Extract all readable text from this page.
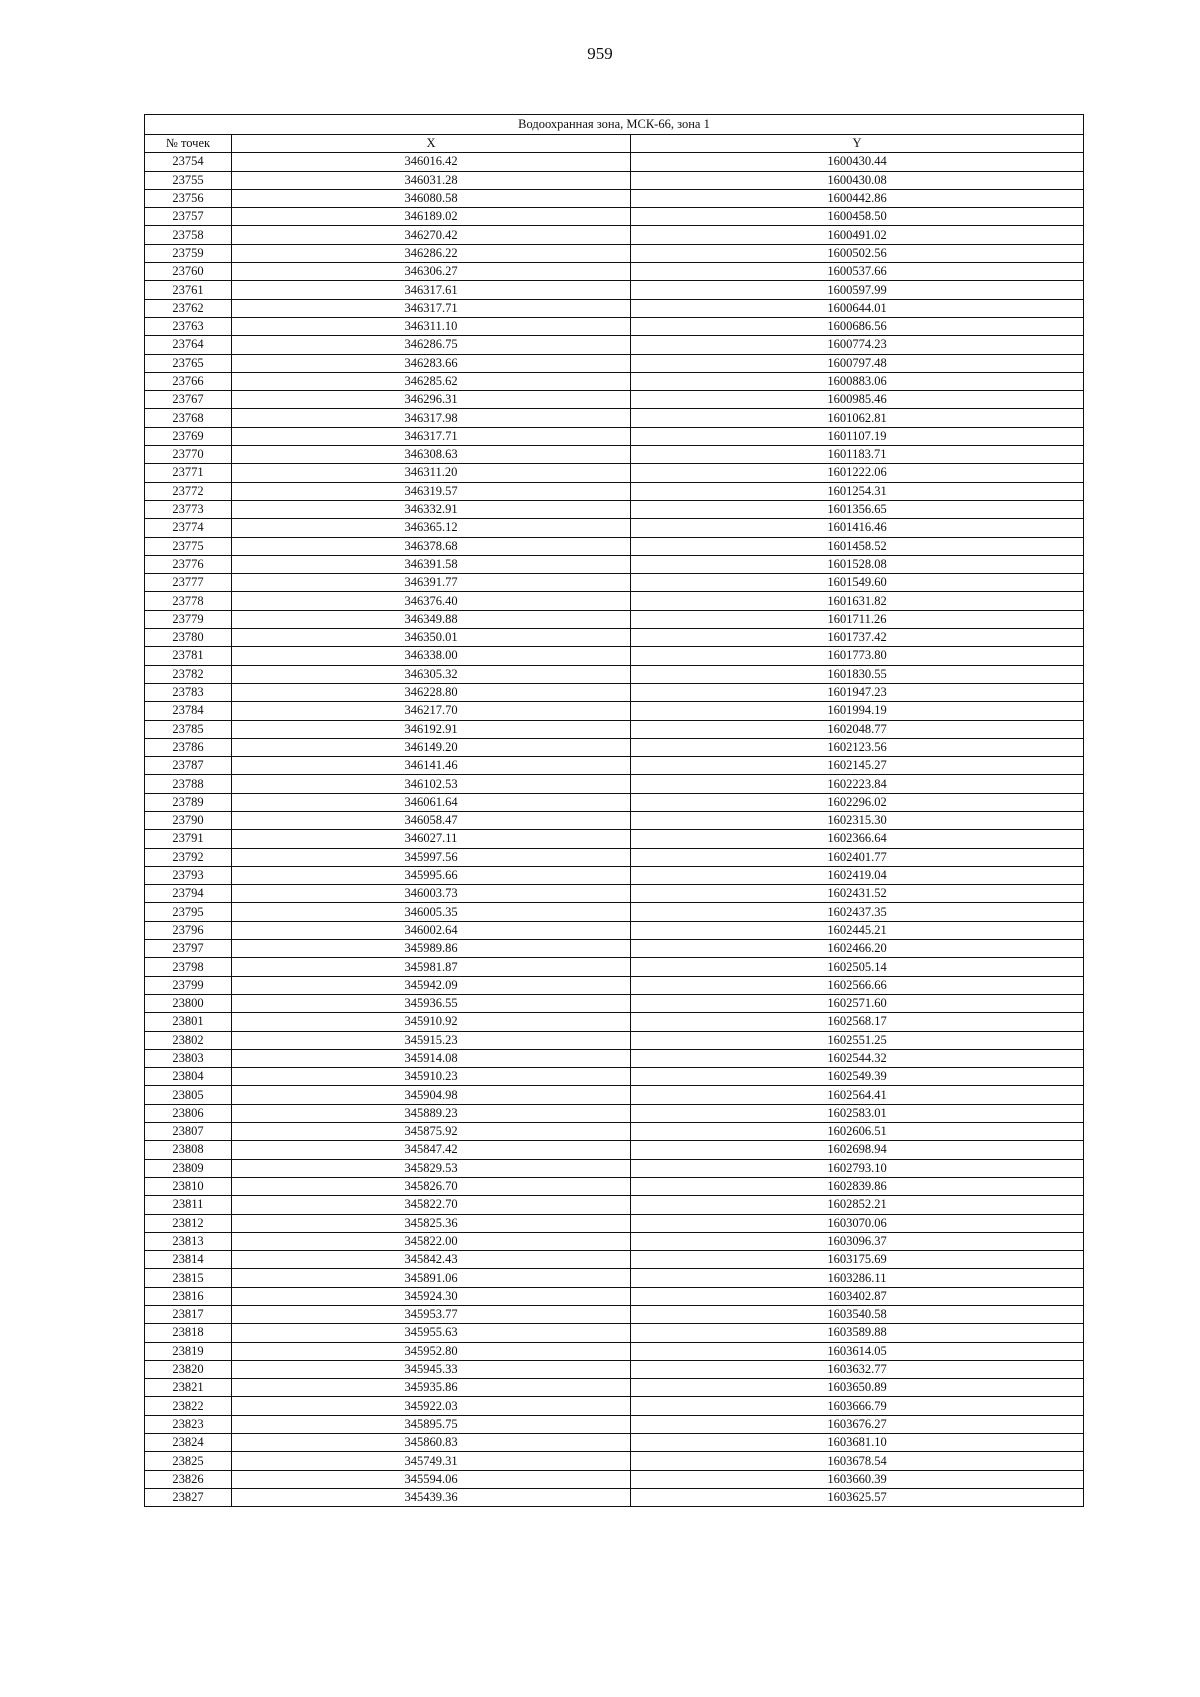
959
Водоохранная зона, МСК-66, зона 1		
№ точек	X	Y
23754	346016.42	1600430.44
23755	346031.28	1600430.08
23756	346080.58	1600442.86
23757	346189.02	1600458.50
23758	346270.42	1600491.02
23759	346286.22	1600502.56
23760	346306.27	1600537.66
23761	346317.61	1600597.99
23762	346317.71	1600644.01
23763	346311.10	1600686.56
23764	346286.75	1600774.23
23765	346283.66	1600797.48
23766	346285.62	1600883.06
23767	346296.31	1600985.46
23768	346317.98	1601062.81
23769	346317.71	1601107.19
23770	346308.63	1601183.71
23771	346311.20	1601222.06
23772	346319.57	1601254.31
23773	346332.91	1601356.65
23774	346365.12	1601416.46
23775	346378.68	1601458.52
23776	346391.58	1601528.08
23777	346391.77	1601549.60
23778	346376.40	1601631.82
23779	346349.88	1601711.26
23780	346350.01	1601737.42
23781	346338.00	1601773.80
23782	346305.32	1601830.55
23783	346228.80	1601947.23
23784	346217.70	1601994.19
23785	346192.91	1602048.77
23786	346149.20	1602123.56
23787	346141.46	1602145.27
23788	346102.53	1602223.84
23789	346061.64	1602296.02
23790	346058.47	1602315.30
23791	346027.11	1602366.64
23792	345997.56	1602401.77
23793	345995.66	1602419.04
23794	346003.73	1602431.52
23795	346005.35	1602437.35
23796	346002.64	1602445.21
23797	345989.86	1602466.20
23798	345981.87	1602505.14
23799	345942.09	1602566.66
23800	345936.55	1602571.60
23801	345910.92	1602568.17
23802	345915.23	1602551.25
23803	345914.08	1602544.32
23804	345910.23	1602549.39
23805	345904.98	1602564.41
23806	345889.23	1602583.01
23807	345875.92	1602606.51
23808	345847.42	1602698.94
23809	345829.53	1602793.10
23810	345826.70	1602839.86
23811	345822.70	1602852.21
23812	345825.36	1603070.06
23813	345822.00	1603096.37
23814	345842.43	1603175.69
23815	345891.06	1603286.11
23816	345924.30	1603402.87
23817	345953.77	1603540.58
23818	345955.63	1603589.88
23819	345952.80	1603614.05
23820	345945.33	1603632.77
23821	345935.86	1603650.89
23822	345922.03	1603666.79
23823	345895.75	1603676.27
23824	345860.83	1603681.10
23825	345749.31	1603678.54
23826	345594.06	1603660.39
23827	345439.36	1603625.57
